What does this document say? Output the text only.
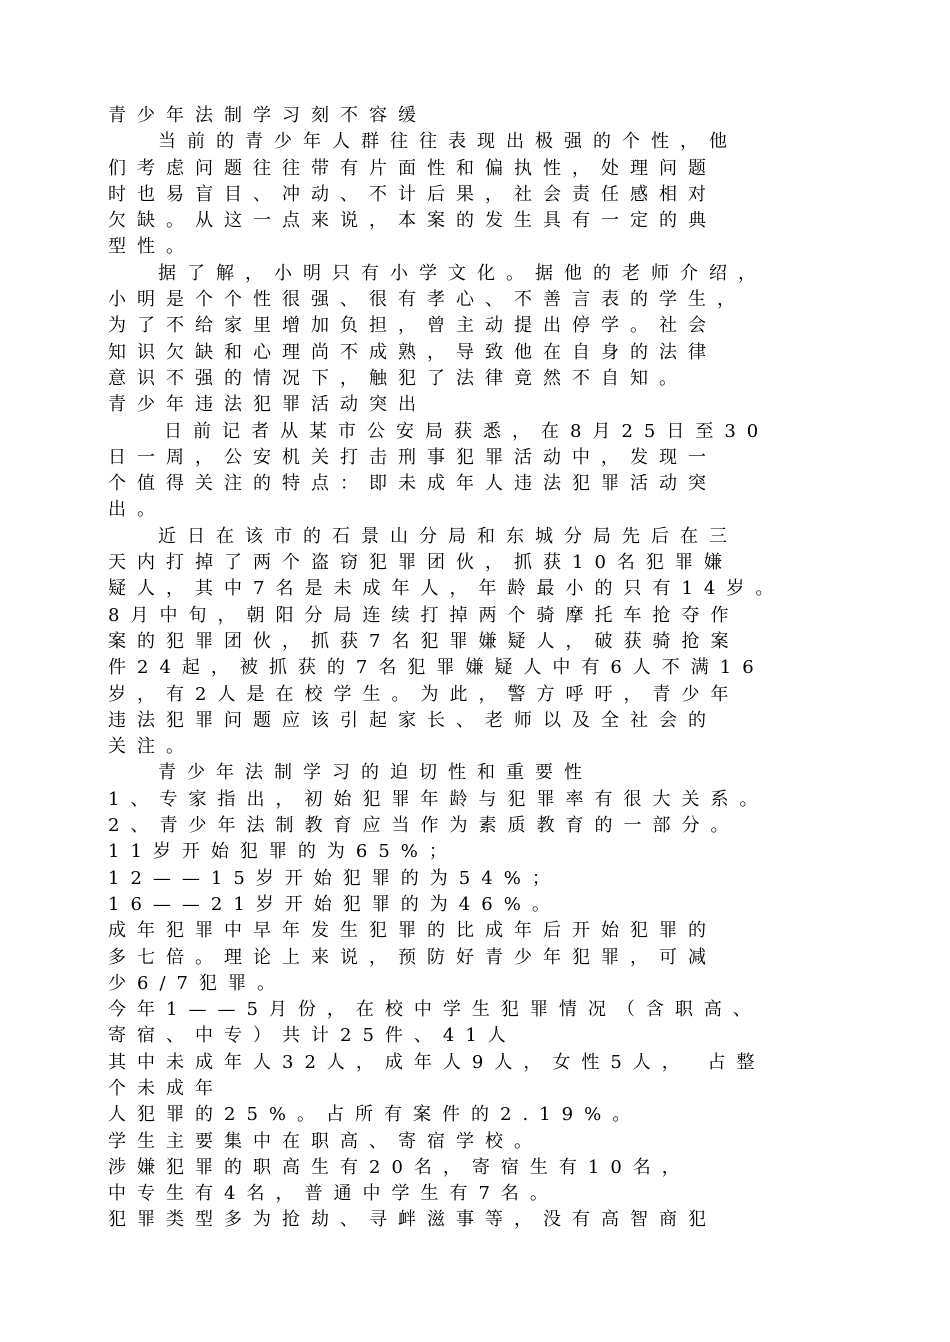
青少年法制学习刻不容缓
当前的青少年人群往往表现出极强的个性，他
们考虑问题往往带有片面性和偏执性，处理问题
时也易盲目、冲动、不计后果，社会责任感相对
欠缺。从这一点来说，本案的发生具有一定的典
型性。
据了解，小明只有小学文化。据他的老师介绍，
小明是个个性很强、很有孝心、不善言表的学生，
为了不给家里增加负担，曾主动提出停学。社会
知识欠缺和心理尚不成熟，导致他在自身的法律
意识不强的情况下，触犯了法律竟然不自知。
青少年违法犯罪活动突出
日前记者从某市公安局获悉，在8月25日至30
日一周，公安机关打击刑事犯罪活动中，发现一
个值得关注的特点：即未成年人违法犯罪活动突
出。
近日在该市的石景山分局和东城分局先后在三
天内打掉了两个盗窃犯罪团伙，抓获10名犯罪嫌
疑人，其中7名是未成年人，年龄最小的只有14岁。
8月中旬，朝阳分局连续打掉两个骑摩托车抢夺作
案的犯罪团伙，抓获7名犯罪嫌疑人，破获骑抢案
件24起，被抓获的7名犯罪嫌疑人中有6人不满16
岁，有2人是在校学生。为此，警方呼吁，青少年
违法犯罪问题应该引起家长、老师以及全社会的
关注。
青少年法制学习的迫切性和重要性
1、专家指出，初始犯罪年龄与犯罪率有很大关系。
2、青少年法制教育应当作为素质教育的一部分。
11岁开始犯罪的为65%；
12——15岁开始犯罪的为54%；
16——21岁开始犯罪的为46%。
成年犯罪中早年发生犯罪的比成年后开始犯罪的
多七倍。理论上来说，预防好青少年犯罪，可减
少6/7犯罪。
今年1——5月份，在校中学生犯罪情况（含职高、
寄宿、中专）共计25件、41人
其中未成年人32人，成年人9人，女性5人， 占整
个未成年
人犯罪的25%。占所有案件的2.19%。
学生主要集中在职高、寄宿学校。
涉嫌犯罪的职高生有20名，寄宿生有10名，
中专生有4名，普通中学生有7名。
犯罪类型多为抢劫、寻衅滋事等，没有高智商犯
